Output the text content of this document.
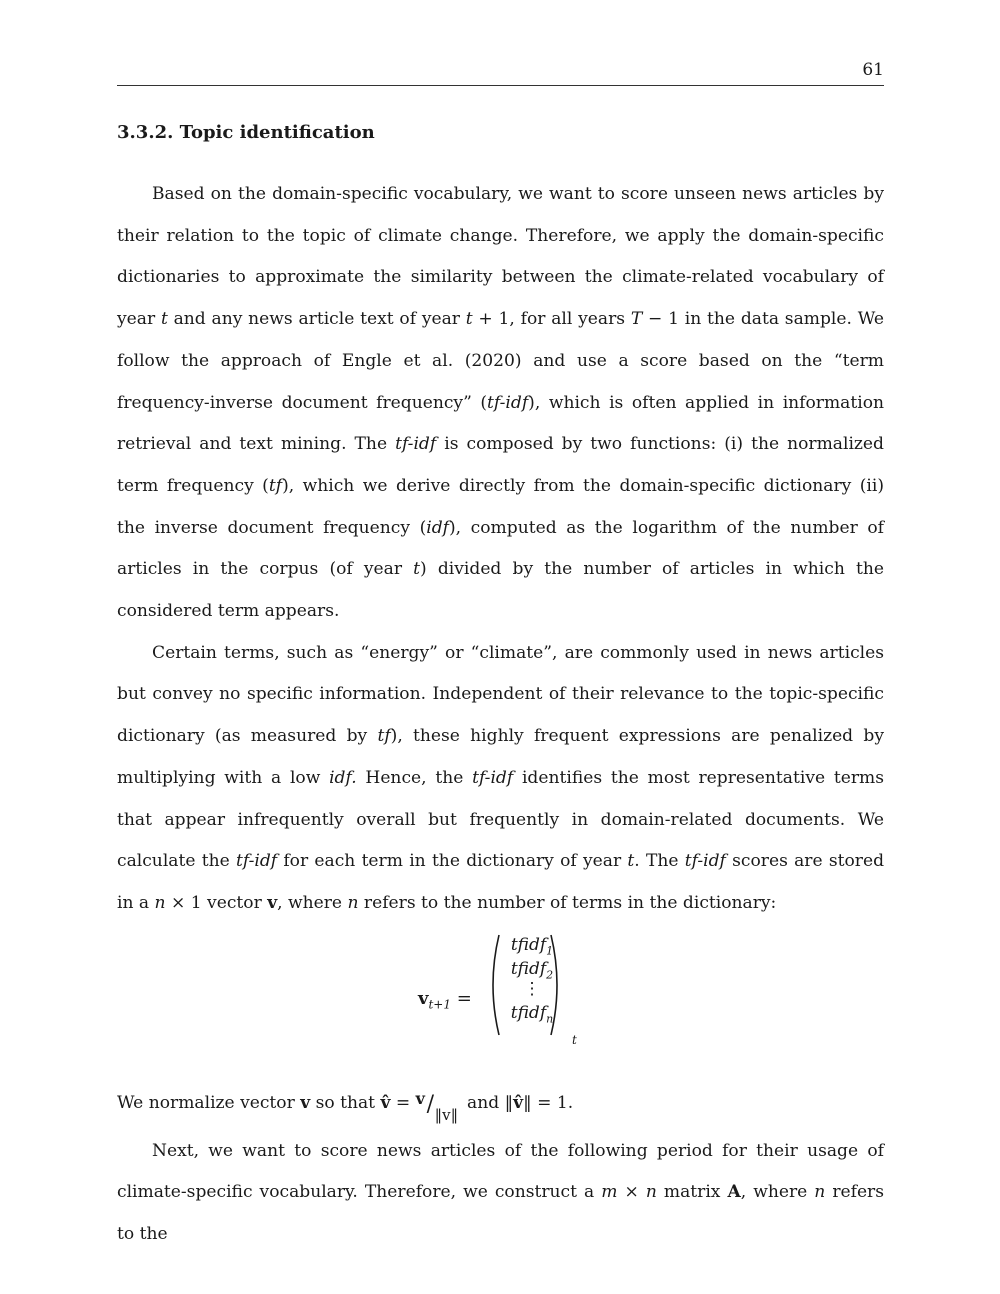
61
3.3.2. Topic identification

Based on the domain-specific vocabulary, we want to score unseen news articles by their relation to the topic of climate change. Therefore, we apply the domain-specific dictionaries to approximate the similarity between the climate-related vocabulary of year t and any news article text of year t + 1, for all years T − 1 in the data sample. We follow the approach of Engle et al. (2020) and use a score based on the “term frequency-inverse document frequency” (tf-idf), which is often applied in information retrieval and text mining. The tf-idf is composed by two functions: (i) the normalized term frequency (tf), which we derive directly from the domain-specific dictionary (ii) the inverse document frequency (idf), computed as the logarithm of the number of articles in the corpus (of year t) divided by the number of articles in which the considered term appears.

Certain terms, such as “energy” or “climate”, are commonly used in news articles but convey no specific information. Independent of their relevance to the topic-specific dictionary (as measured by tf), these highly frequent expressions are penalized by multiplying with a low idf. Hence, the tf-idf identifies the most representative terms that appear infrequently overall but frequently in domain-related documents. We calculate the tf-idf for each term in the dictionary of year t. The tf-idf scores are stored in a n × 1 vector v, where n refers to the number of terms in the dictionary:

$v_{t+1}$ =
tfidf$_1$
tfidf$_2$
⋮
tfidf$_n$
t

We normalize vector v so that v̂ = v / ‖v‖
and ‖v̂‖ = 1.

Next, we want to score news articles of the following period for their usage of climate-specific vocabulary. Therefore, we construct a m × n matrix A, where n refers to the
